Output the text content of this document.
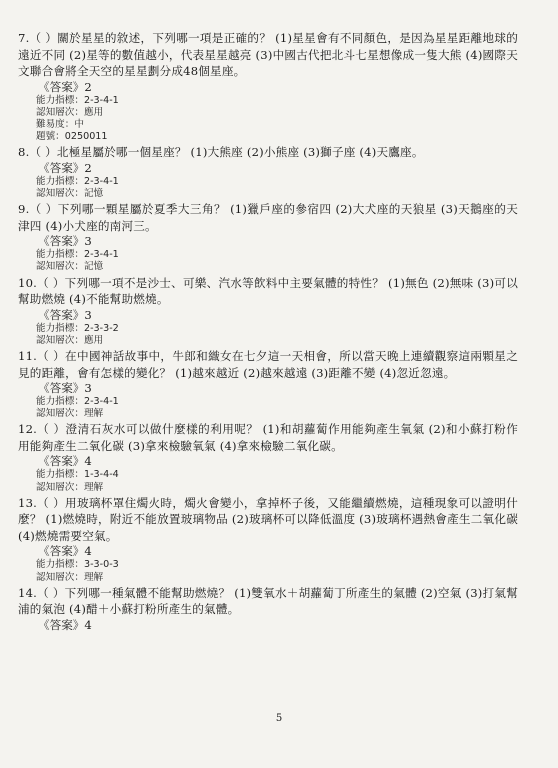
7.（ ）關於星星的敘述，下列哪一項是正確的？ (1)星星會有不同顏色，是因為星星距離地球的遠近不同 (2)星等的數值越小，代表星星越亮 (3)中國古代把北斗七星想像成一隻大熊 (4)國際天文聯合會將全天空的星星劃分成48個星座。
《答案》2
能力指標：2-3-4-1
認知層次：應用
難易度：中
題號：0250011
8.（ ）北極星屬於哪一個星座？ (1)大熊座 (2)小熊座 (3)獅子座 (4)天鷹座。
《答案》2
能力指標：2-3-4-1
認知層次：記憶
9.（ ）下列哪一顆星屬於夏季大三角？ (1)獵戶座的參宿四 (2)大犬座的天狼星 (3)天鵝座的天津四 (4)小犬座的南河三。
《答案》3
能力指標：2-3-4-1
認知層次：記憶
10.（ ）下列哪一項不是沙士、可樂、汽水等飲料中主要氣體的特性？ (1)無色 (2)無味 (3)可以幫助燃燒 (4)不能幫助燃燒。
《答案》3
能力指標：2-3-3-2
認知層次：應用
11.（ ）在中國神話故事中，牛郎和織女在七夕這一天相會，所以當天晚上連續觀察這兩顆星之見的距離，會有怎樣的變化？ (1)越來越近 (2)越來越遠 (3)距離不變 (4)忽近忽遠。
《答案》3
能力指標：2-3-4-1
認知層次：理解
12.（ ）澄清石灰水可以做什麼樣的利用呢？ (1)和胡蘿蔔作用能夠產生氧氣 (2)和小蘇打粉作用能夠產生二氧化碳 (3)拿來檢驗氧氣 (4)拿來檢驗二氧化碳。
《答案》4
能力指標：1-3-4-4
認知層次：理解
13.（ ）用玻璃杯罩住燭火時，燭火會變小，拿掉杯子後，又能繼續燃燒，這種現象可以證明什麼？ (1)燃燒時，附近不能放置玻璃物品 (2)玻璃杯可以降低溫度 (3)玻璃杯遇熱會產生二氧化碳 (4)燃燒需要空氣。
《答案》4
能力指標：3-3-0-3
認知層次：理解
14.（ ）下列哪一種氣體不能幫助燃燒？ (1)雙氧水＋胡蘿蔔丁所產生的氣體 (2)空氣 (3)打氣幫浦的氣泡 (4)醋＋小蘇打粉所產生的氣體。
《答案》4
5
